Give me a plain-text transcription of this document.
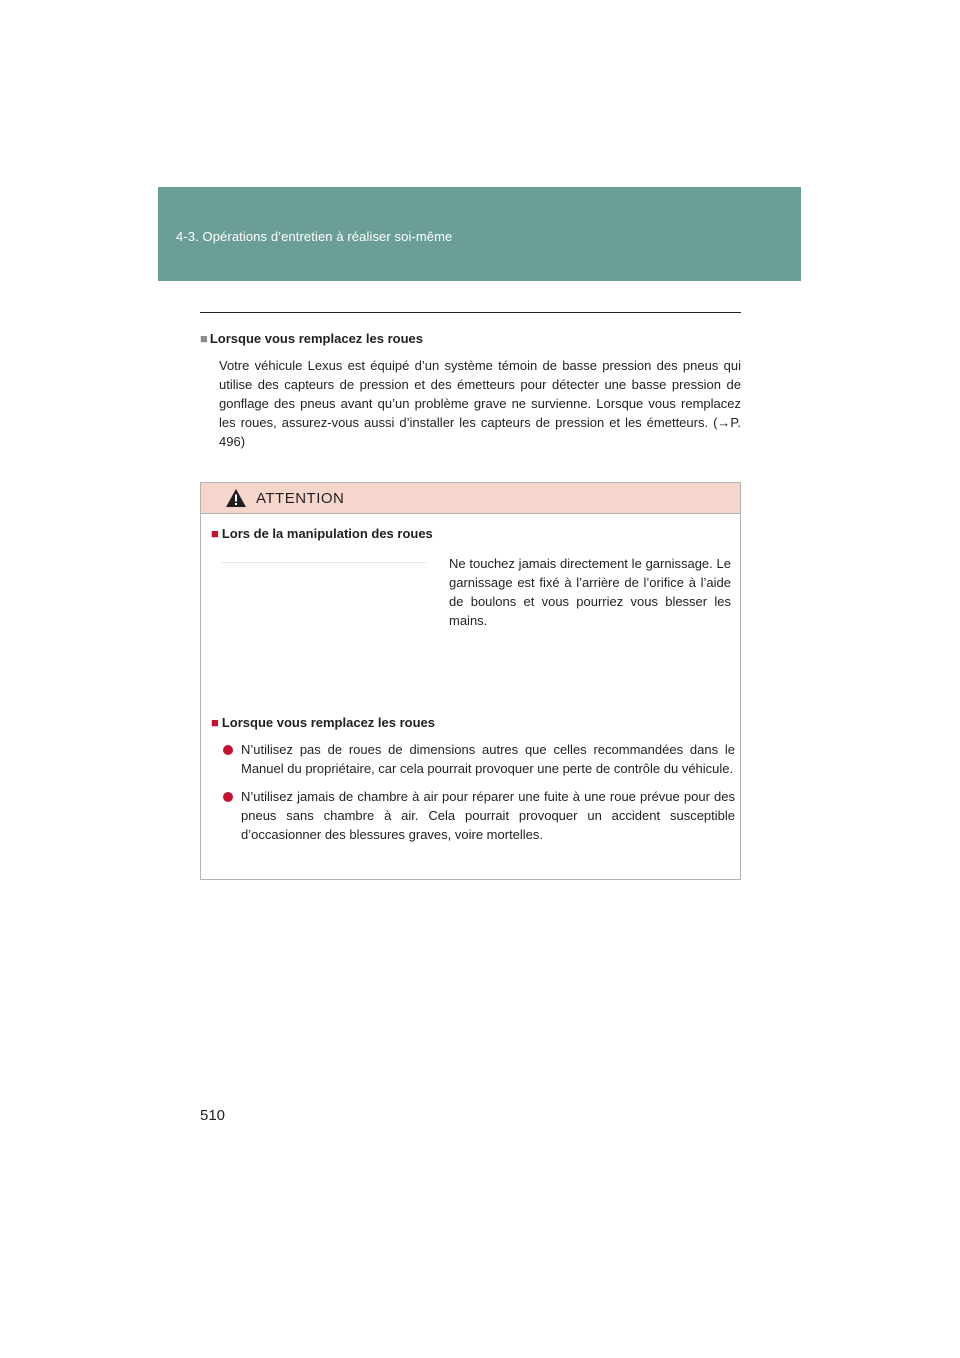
4-3. Opérations d’entretien à réaliser soi-même
■ Lorsque vous remplacez les roues
Votre véhicule Lexus est équipé d’un système témoin de basse pression des pneus qui utilise des capteurs de pression et des émetteurs pour détecter une basse pression de gonflage des pneus avant qu’un problème grave ne survienne. Lorsque vous remplacez les roues, assurez-vous aussi d’installer les capteurs de pression et les émetteurs. (→P. 496)
ATTENTION
■ Lors de la manipulation des roues
Ne touchez jamais directement le garnissage. Le garnissage est fixé à l’arrière de l’orifice à l’aide de boulons et vous pourriez vous blesser les mains.
■ Lorsque vous remplacez les roues
N’utilisez pas de roues de dimensions autres que celles recommandées dans le Manuel du propriétaire, car cela pourrait provoquer une perte de contrôle du véhicule.
N’utilisez jamais de chambre à air pour réparer une fuite à une roue prévue pour des pneus sans chambre à air. Cela pourrait provoquer un accident susceptible d’occasionner des blessures graves, voire mortelles.
510
